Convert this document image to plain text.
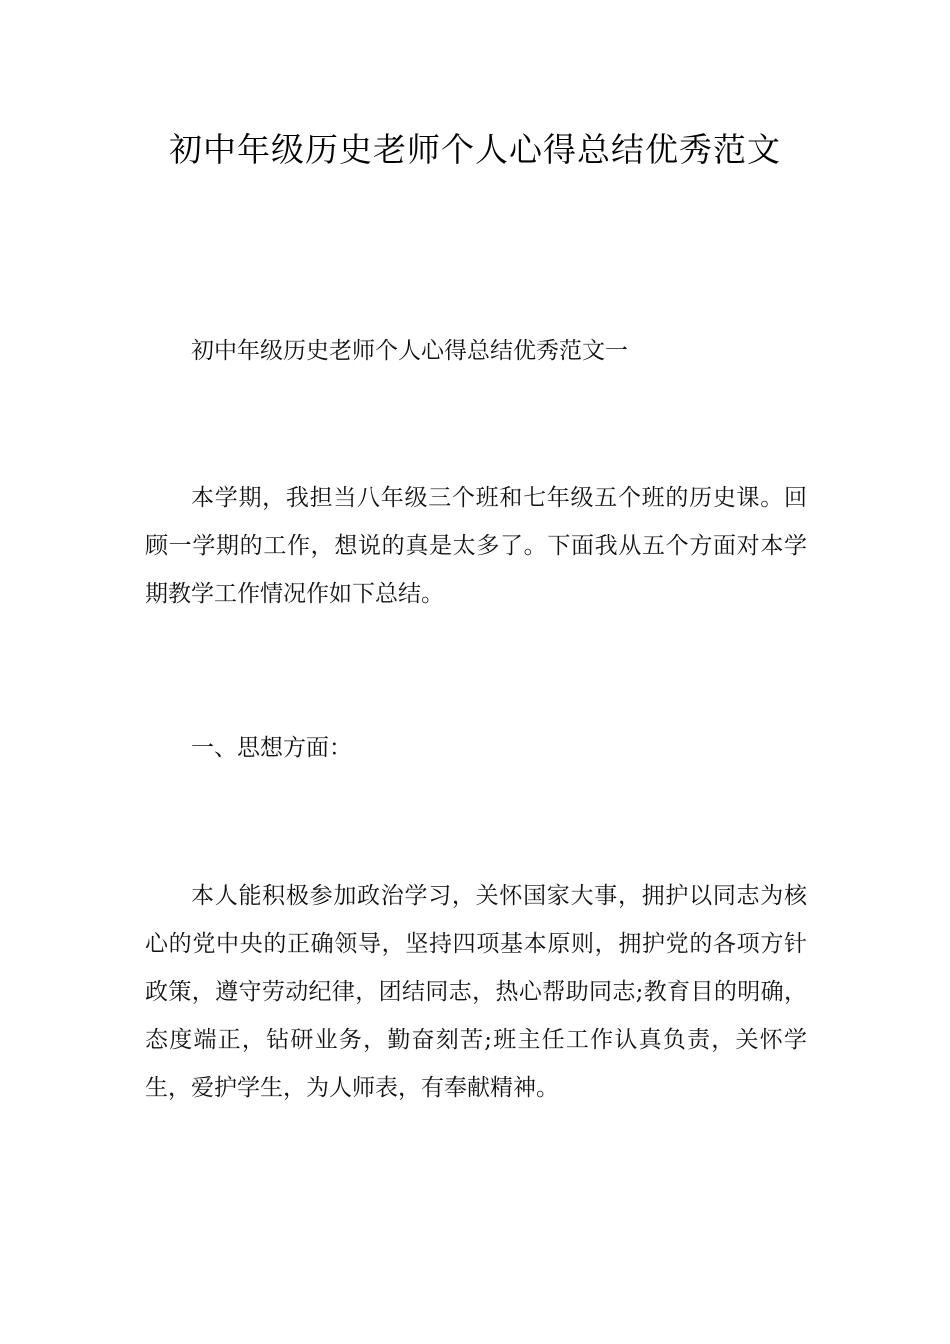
初中年级历史老师个人心得总结优秀范文

初中年级历史老师个人心得总结优秀范文一

本学期，我担当八年级三个班和七年级五个班的历史课。回顾一学期的工作，想说的真是太多了。下面我从五个方面对本学期教学工作情况作如下总结。

一、思想方面：

本人能积极参加政治学习，关怀国家大事，拥护以同志为核心的党中央的正确领导，坚持四项基本原则，拥护党的各项方针政策，遵守劳动纪律，团结同志，热心帮助同志;教育目的明确，态度端正，钻研业务，勤奋刻苦;班主任工作认真负责，关怀学生，爱护学生，为人师表，有奉献精神。
